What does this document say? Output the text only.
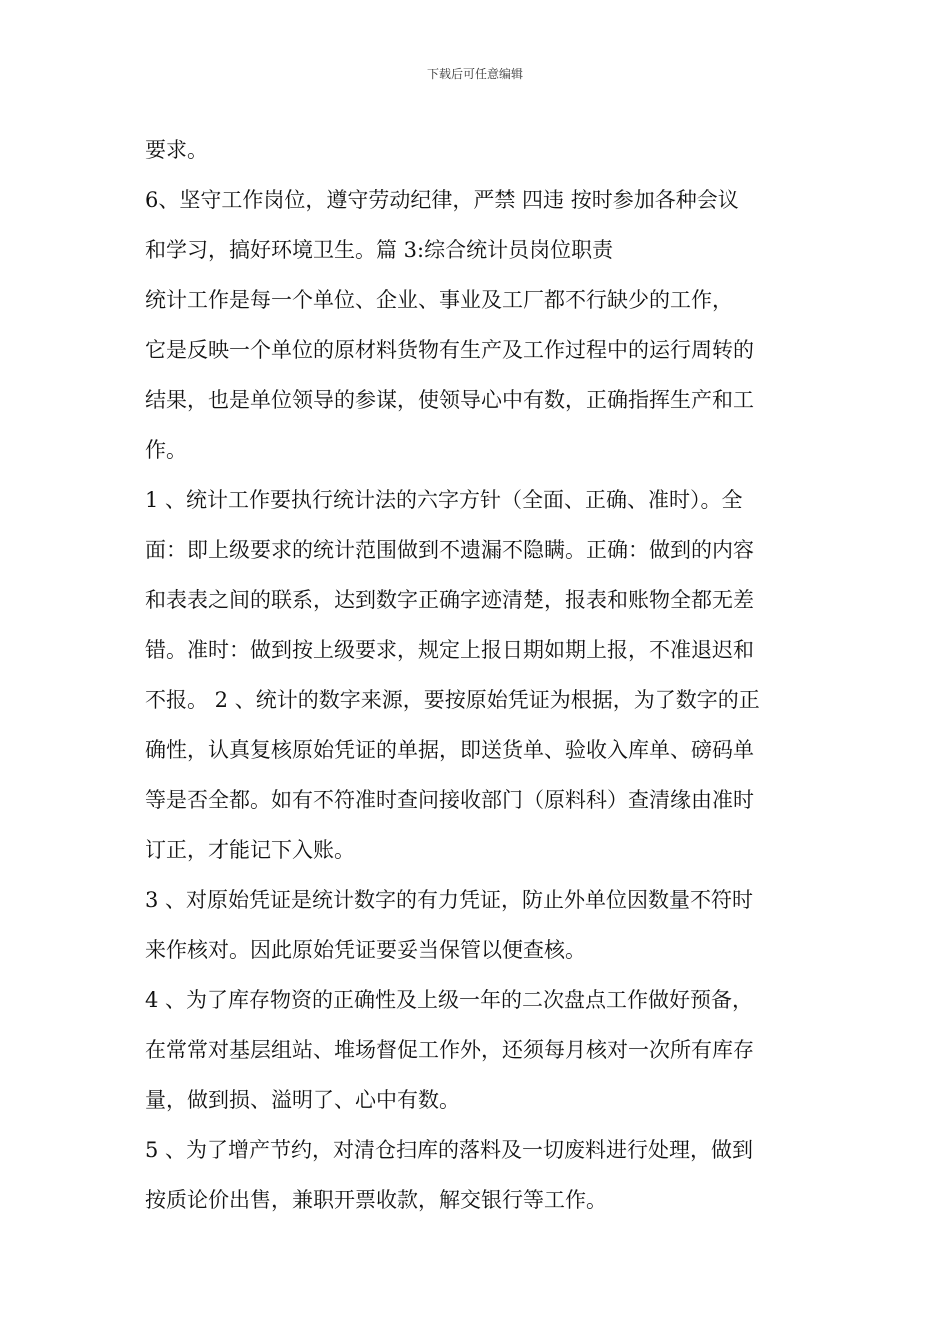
下载后可任意编辑
要求。
6、坚守工作岗位，遵守劳动纪律，严禁 四违 按时参加各种会议
和学习，搞好环境卫生。篇 3:综合统计员岗位职责
统计工作是每一个单位、企业、事业及工厂都不行缺少的工作，
它是反映一个单位的原材料货物有生产及工作过程中的运行周转的
结果，也是单位领导的参谋，使领导心中有数，正确指挥生产和工
作。
1 、统计工作要执行统计法的六字方针（全面、正确、准时）。全
面：即上级要求的统计范围做到不遗漏不隐瞒。正确：做到的内容
和表表之间的联系，达到数字正确字迹清楚，报表和账物全都无差
错。准时：做到按上级要求，规定上报日期如期上报，不准退迟和
不报。 2 、统计的数字来源，要按原始凭证为根据，为了数字的正
确性，认真复核原始凭证的单据，即送货单、验收入库单、磅码单
等是否全都。如有不符准时查问接收部门（原料科）查清缘由准时
订正，才能记下入账。
3 、对原始凭证是统计数字的有力凭证，防止外单位因数量不符时
来作核对。因此原始凭证要妥当保管以便查核。
4 、为了库存物资的正确性及上级一年的二次盘点工作做好预备，
在常常对基层组站、堆场督促工作外，还须每月核对一次所有库存
量，做到损、溢明了、心中有数。
5 、为了增产节约，对清仓扫库的落料及一切废料进行处理，做到
按质论价出售，兼职开票收款，解交银行等工作。
